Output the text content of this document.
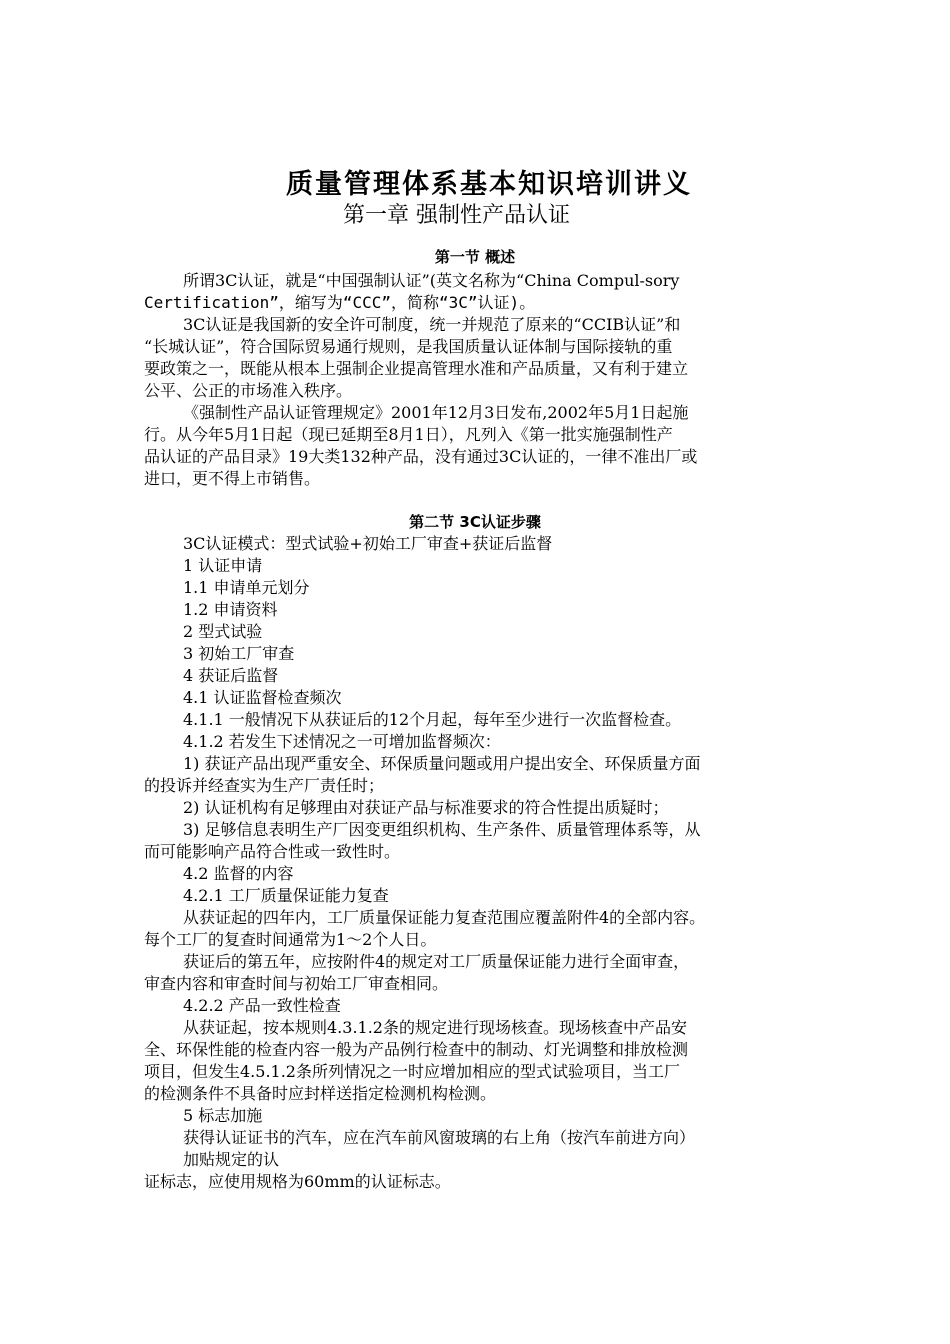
质量管理体系基本知识培训讲义
第一章 强制性产品认证
第一节 概述
所谓3C认证，就是“中国强制认证”(英文名称为“China Compul-sory
Certification”，缩写为“CCC”，简称“3C”认证)。
3C认证是我国新的安全许可制度，统一并规范了原来的“CCIB认证”和
“长城认证”，符合国际贸易通行规则，是我国质量认证体制与国际接轨的重
要政策之一，既能从根本上强制企业提高管理水准和产品质量，又有利于建立
公平、公正的市场准入秩序。
《强制性产品认证管理规定》2001年12月3日发布,2002年5月1日起施
行。从今年5月1日起（现已延期至8月1日），凡列入《第一批实施强制性产
品认证的产品目录》19大类132种产品，没有通过3C认证的，一律不准出厂或
进口，更不得上市销售。
第二节 3C认证步骤
3C认证模式：型式试验+初始工厂审查+获证后监督
1 认证申请
1.1 申请单元划分
1.2 申请资料
2 型式试验
3 初始工厂审查
4 获证后监督
4.1 认证监督检查频次
4.1.1 一般情况下从获证后的12个月起，每年至少进行一次监督检查。
4.1.2 若发生下述情况之一可增加监督频次：
1) 获证产品出现严重安全、环保质量问题或用户提出安全、环保质量方面
的投诉并经查实为生产厂责任时；
2) 认证机构有足够理由对获证产品与标准要求的符合性提出质疑时；
3) 足够信息表明生产厂因变更组织机构、生产条件、质量管理体系等，从
而可能影响产品符合性或一致性时。
4.2 监督的内容
4.2.1 工厂质量保证能力复查
从获证起的四年内，工厂质量保证能力复查范围应覆盖附件4的全部内容。
每个工厂的复查时间通常为1～2个人日。
获证后的第五年，应按附件4的规定对工厂质量保证能力进行全面审查，
审查内容和审查时间与初始工厂审查相同。
4.2.2 产品一致性检查
从获证起，按本规则4.3.1.2条的规定进行现场核查。现场核查中产品安
全、环保性能的检查内容一般为产品例行检查中的制动、灯光调整和排放检测
项目，但发生4.5.1.2条所列情况之一时应增加相应的型式试验项目，当工厂
的检测条件不具备时应封样送指定检测机构检测。
5 标志加施
获得认证证书的汽车，应在汽车前风窗玻璃的右上角（按汽车前进方向）
加贴规定的认
证标志，应使用规格为60mm的认证标志。
